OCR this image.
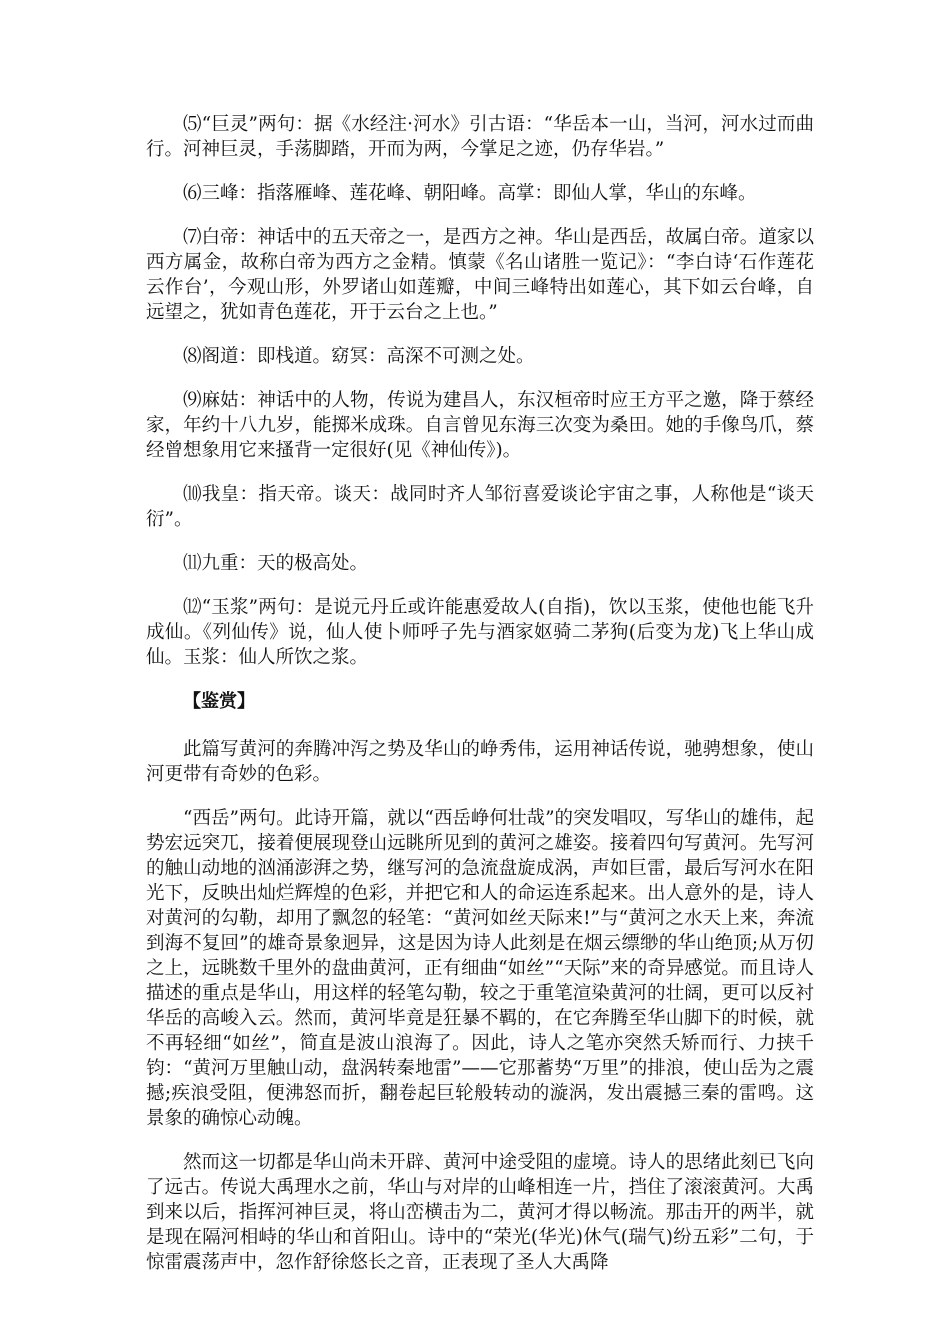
⑸“巨灵”两句：据《水经注·河水》引古语：“华岳本一山，当河，河水过而曲行。河神巨灵，手荡脚踏，开而为两，今掌足之迹，仍存华岩。”

⑹三峰：指落雁峰、莲花峰、朝阳峰。高掌：即仙人掌，华山的东峰。

⑺白帝：神话中的五天帝之一，是西方之神。华山是西岳，故属白帝。道家以西方属金，故称白帝为西方之金精。慎蒙《名山诸胜一览记》：“李白诗‘石作莲花云作台’，今观山形，外罗诸山如莲瓣，中间三峰特出如莲心，其下如云台峰，自远望之，犹如青色莲花，开于云台之上也。”

⑻阁道：即栈道。窈冥：高深不可测之处。

⑼麻姑：神话中的人物，传说为建昌人，东汉桓帝时应王方平之邀，降于蔡经家，年约十八九岁，能掷米成珠。自言曾见东海三次变为桑田。她的手像鸟爪，蔡经曾想象用它来搔背一定很好(见《神仙传》)。

⑽我皇：指天帝。谈天：战同时齐人邹衍喜爱谈论宇宙之事，人称他是“谈天衍”。

⑾九重：天的极高处。

⑿“玉浆”两句：是说元丹丘或许能惠爱故人(自指)，饮以玉浆，使他也能飞升成仙。《列仙传》说，仙人使卜师呼子先与酒家妪骑二茅狗(后变为龙)飞上华山成仙。玉浆：仙人所饮之浆。

【鉴赏】

此篇写黄河的奔腾冲泻之势及华山的峥秀伟，运用神话传说，驰骋想象，使山河更带有奇妙的色彩。

“西岳”两句。此诗开篇，就以“西岳峥何壮哉”的突发唱叹，写华山的雄伟，起势宏远突兀，接着便展现登山远眺所见到的黄河之雄姿。接着四句写黄河。先写河的触山动地的汹涌澎湃之势，继写河的急流盘旋成涡，声如巨雷，最后写河水在阳光下，反映出灿烂辉煌的色彩，并把它和人的命运连系起来。出人意外的是，诗人对黄河的勾勒，却用了飘忽的轻笔：“黄河如丝天际来!”与“黄河之水天上来，奔流到海不复回”的雄奇景象迥异，这是因为诗人此刻是在烟云缥缈的华山绝顶;从万仞之上，远眺数千里外的盘曲黄河，正有细曲“如丝”“天际”来的奇异感觉。而且诗人描述的重点是华山，用这样的轻笔勾勒，较之于重笔渲染黄河的壮阔，更可以反衬华岳的高峻入云。然而，黄河毕竟是狂暴不羁的，在它奔腾至华山脚下的时候，就不再轻细“如丝”，简直是波山浪海了。因此，诗人之笔亦突然夭矫而行、力挟千钧：“黄河万里触山动，盘涡转秦地雷”——它那蓄势“万里”的排浪，使山岳为之震撼;疾浪受阻，便沸怒而折，翻卷起巨轮般转动的漩涡，发出震撼三秦的雷鸣。这景象的确惊心动魄。

然而这一切都是华山尚未开辟、黄河中途受阻的虚境。诗人的思绪此刻已飞向了远古。传说大禹理水之前，华山与对岸的山峰相连一片，挡住了滚滚黄河。大禹到来以后，指挥河神巨灵，将山峦横击为二，黄河才得以畅流。那击开的两半，就是现在隔河相峙的华山和首阳山。诗中的“荣光(华光)休气(瑞气)纷五彩”二句，于惊雷震荡声中，忽作舒徐悠长之音，正表现了圣人大禹降
